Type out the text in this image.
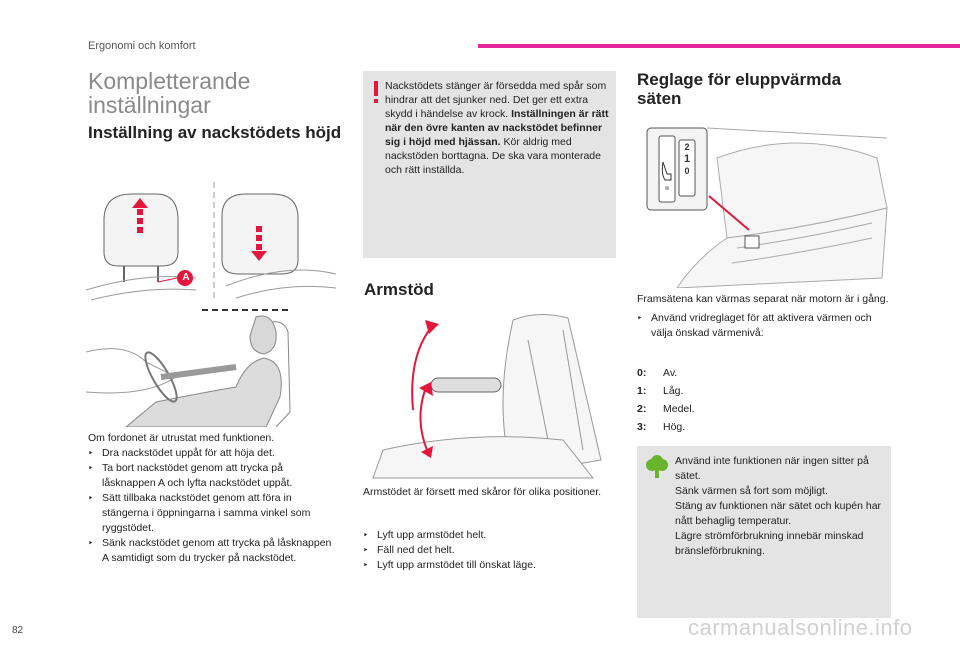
Ergonomi och komfort
Kompletterande inställningar
Inställning av nackstödets höjd
A
Om fordonet är utrustat med funktionen.
‣
Dra nackstödet uppåt för att höja det.
‣
Ta bort nackstödet genom att trycka på låsknappen A och lyfta nackstödet uppåt.
‣
Sätt tillbaka nackstödet genom att föra in stängerna i öppningarna i samma vinkel som ryggstödet.
‣
Sänk nackstödet genom att trycka på låsknappen A samtidigt som du trycker på nackstödet.
Nackstödets stänger är försedda med spår som hindrar att det sjunker ned. Det ger ett extra skydd i händelse av krock. Inställningen är rätt när den övre kanten av nackstödet befinner sig i höjd med hjässan. Kör aldrig med nackstöden borttagna. De ska vara monterade och rätt inställda.
Armstöd
Armstödet är försett med skåror för olika positioner.
‣
Lyft upp armstödet helt.
‣
Fäll ned det helt.
‣
Lyft upp armstödet till önskat läge.
Reglage för eluppvärmda säten
≋
2
1
0
Framsätena kan värmas separat när motorn är i gång.
‣
Använd vridreglaget för att aktivera värmen och välja önskad värmenivå:
0: Av.
1: Låg.
2: Medel.
3: Hög.
Använd inte funktionen när ingen sitter på sätet.
Sänk värmen så fort som möjligt.
Stäng av funktionen när sätet och kupén har nått behaglig temperatur.
Lägre strömförbrukning innebär minskad bränsleförbrukning.
82	carmanualsonline.info
